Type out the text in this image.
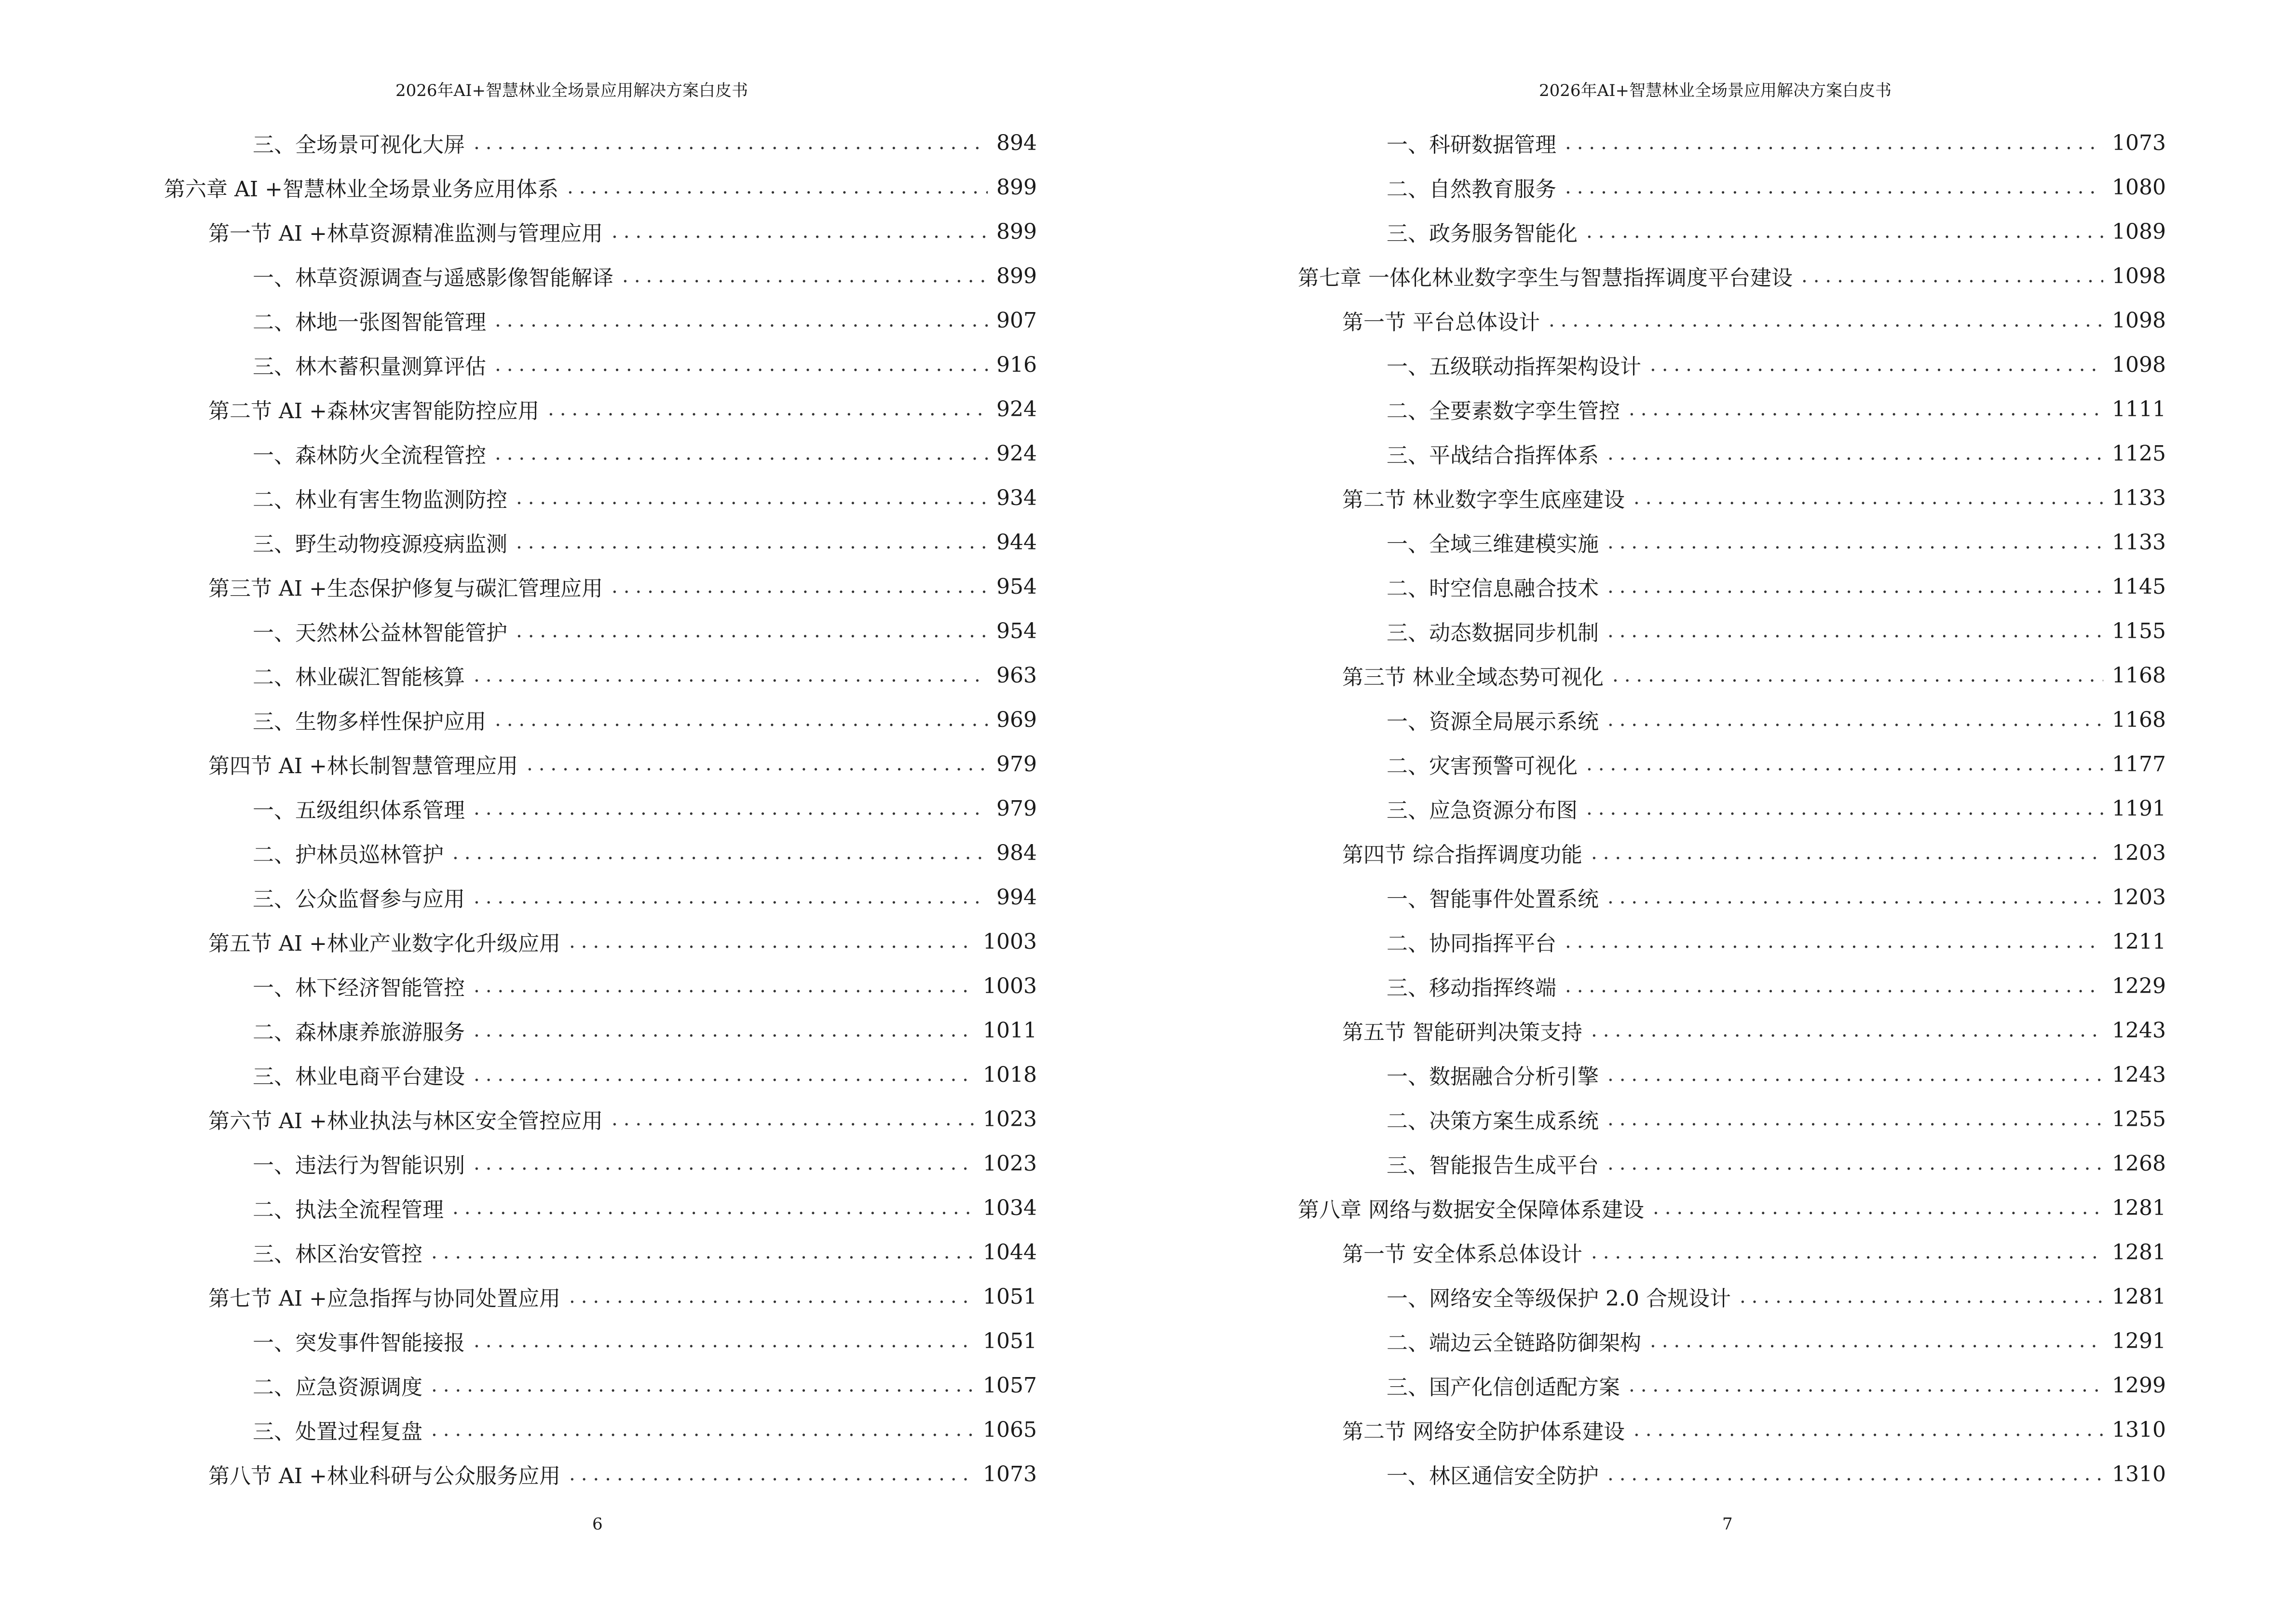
2026年AI+智慧林业全场景应用解决方案白皮书
三、全场景可视化大屏 .....	894
第六章 AI +智慧林业全场景业务应用体系 .....	899
第一节 AI +林草资源精准监测与管理应用 .....	899
一、林草资源调查与遥感影像智能解译 .....	899
二、林地一张图智能管理 .....	907
三、林木蓄积量测算评估 .....	916
第二节 AI +森林灾害智能防控应用 .....	924
一、森林防火全流程管控 .....	924
二、林业有害生物监测防控 .....	934
三、野生动物疫源疫病监测 .....	944
第三节 AI +生态保护修复与碳汇管理应用 .....	954
一、天然林公益林智能管护 .....	954
二、林业碳汇智能核算 .....	963
三、生物多样性保护应用 .....	969
第四节 AI +林长制智慧管理应用 .....	979
一、五级组织体系管理 .....	979
二、护林员巡林管护 .....	984
三、公众监督参与应用 .....	994
第五节 AI +林业产业数字化升级应用 .....	1003
一、林下经济智能管控 .....	1003
二、森林康养旅游服务 .....	1011
三、林业电商平台建设 .....	1018
第六节 AI +林业执法与林区安全管控应用 .....	1023
一、违法行为智能识别 .....	1023
二、执法全流程管理 .....	1034
三、林区治安管控 .....	1044
第七节 AI +应急指挥与协同处置应用 .....	1051
一、突发事件智能接报 .....	1051
二、应急资源调度 .....	1057
三、处置过程复盘 .....	1065
第八节 AI +林业科研与公众服务应用 .....	1073
6
2026年AI+智慧林业全场景应用解决方案白皮书
一、科研数据管理 .....	1073
二、自然教育服务 .....	1080
三、政务服务智能化 .....	1089
第七章 一体化林业数字孪生与智慧指挥调度平台建设 .....	1098
第一节 平台总体设计 .....	1098
一、五级联动指挥架构设计 .....	1098
二、全要素数字孪生管控 .....	1111
三、平战结合指挥体系 .....	1125
第二节 林业数字孪生底座建设 .....	1133
一、全域三维建模实施 .....	1133
二、时空信息融合技术 .....	1145
三、动态数据同步机制 .....	1155
第三节 林业全域态势可视化 .....	1168
一、资源全局展示系统 .....	1168
二、灾害预警可视化 .....	1177
三、应急资源分布图 .....	1191
第四节 综合指挥调度功能 .....	1203
一、智能事件处置系统 .....	1203
二、协同指挥平台 .....	1211
三、移动指挥终端 .....	1229
第五节 智能研判决策支持 .....	1243
一、数据融合分析引擎 .....	1243
二、决策方案生成系统 .....	1255
三、智能报告生成平台 .....	1268
第八章 网络与数据安全保障体系建设 .....	1281
第一节 安全体系总体设计 .....	1281
一、网络安全等级保护 2.0 合规设计 .....	1281
二、端边云全链路防御架构 .....	1291
三、国产化信创适配方案 .....	1299
第二节 网络安全防护体系建设 .....	1310
一、林区通信安全防护 .....	1310
7
